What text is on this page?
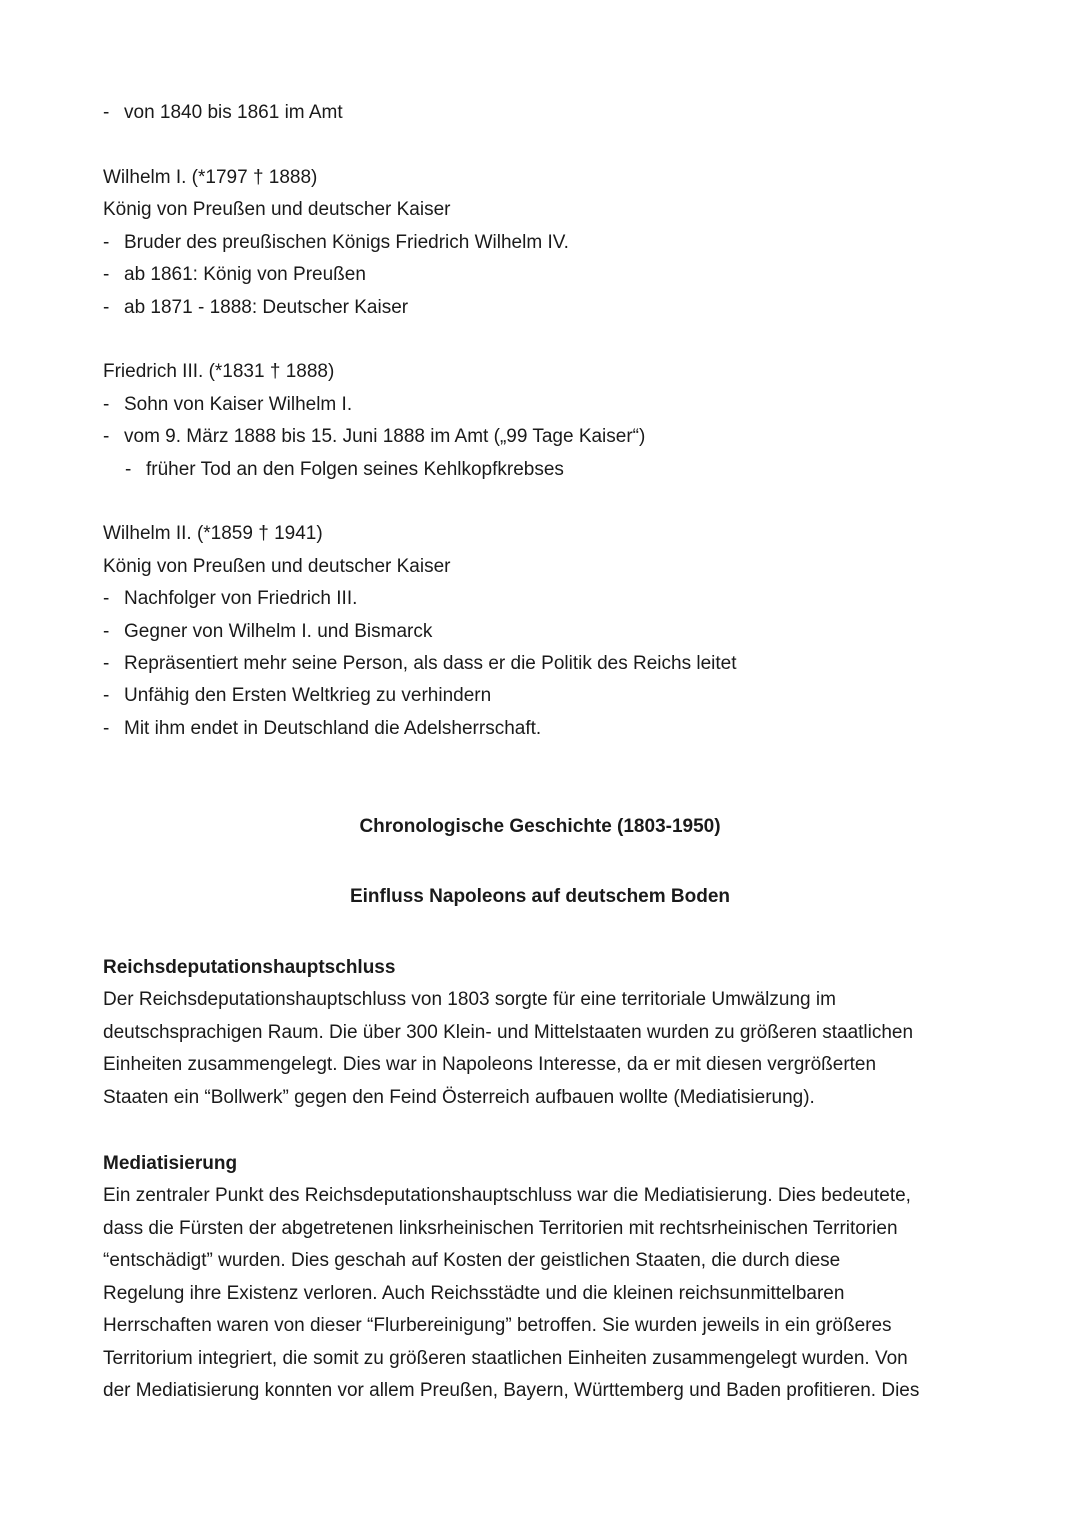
- von 1840 bis 1861 im Amt
Wilhelm I. (*1797 † 1888)
König von Preußen und deutscher Kaiser
- Bruder des preußischen Königs Friedrich Wilhelm IV.
- ab 1861: König von Preußen
- ab 1871 - 1888: Deutscher Kaiser
Friedrich III. (*1831 † 1888)
- Sohn von Kaiser Wilhelm I.
- vom 9. März 1888 bis 15. Juni 1888 im Amt („99 Tage Kaiser“)
- früher Tod an den Folgen seines Kehlkopfkrebses
Wilhelm II. (*1859 † 1941)
König von Preußen und deutscher Kaiser
- Nachfolger von Friedrich III.
- Gegner von Wilhelm I. und Bismarck
- Repräsentiert mehr seine Person, als dass er die Politik des Reichs leitet
- Unfähig den Ersten Weltkrieg zu verhindern
- Mit ihm endet in Deutschland die Adelsherrschaft.
Chronologische Geschichte (1803-1950)
Einfluss Napoleons auf deutschem Boden
Reichsdeputationshauptschluss
Der Reichsdeputationshauptschluss von 1803 sorgte für eine territoriale Umwälzung im
deutschsprachigen Raum. Die über 300 Klein- und Mittelstaaten wurden zu größeren staatlichen
Einheiten zusammengelegt. Dies war in Napoleons Interesse, da er mit diesen vergrößerten
Staaten ein “Bollwerk” gegen den Feind Österreich aufbauen wollte (Mediatisierung).
Mediatisierung
Ein zentraler Punkt des Reichsdeputationshauptschluss war die Mediatisierung. Dies bedeutete,
dass die Fürsten der abgetretenen linksrheinischen Territorien mit rechtsrheinischen Territorien
“entschädigt” wurden. Dies geschah auf Kosten der geistlichen Staaten, die durch diese
Regelung ihre Existenz verloren. Auch Reichsstädte und die kleinen reichsunmittelbaren
Herrschaften waren von dieser “Flurbereinigung” betroffen. Sie wurden jeweils in ein größeres
Territorium integriert, die somit zu größeren staatlichen Einheiten zusammengelegt wurden. Von
der Mediatisierung konnten vor allem Preußen, Bayern, Württemberg und Baden profitieren. Dies
